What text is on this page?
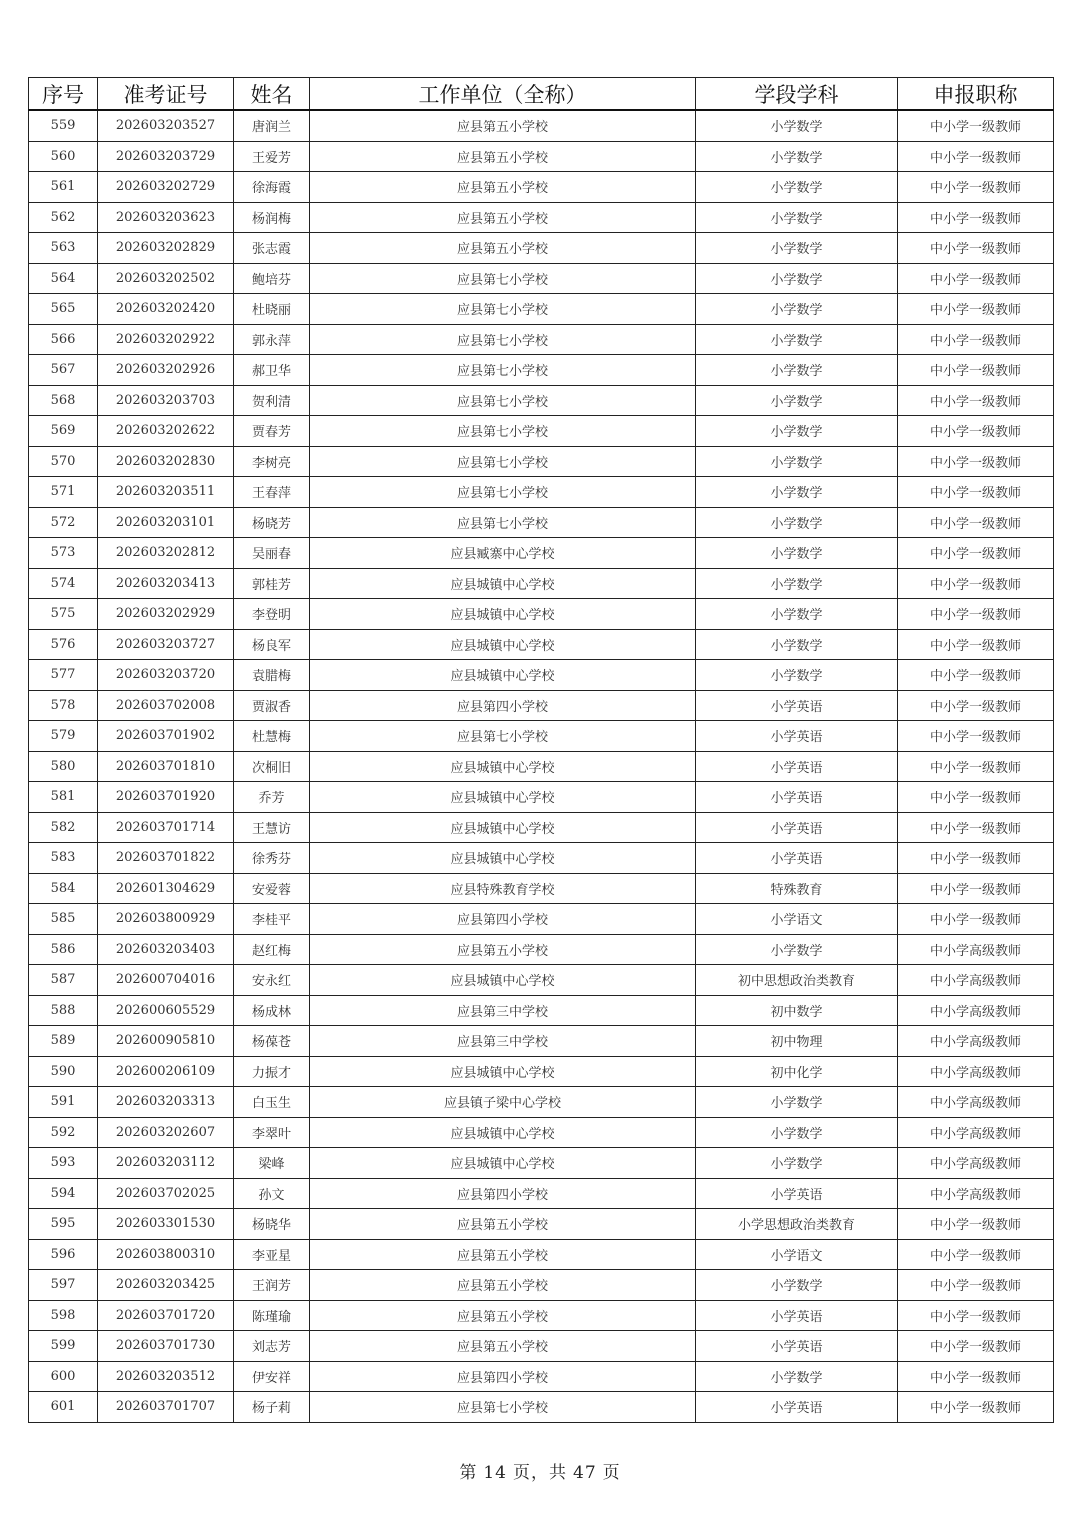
序号	准考证号	姓名	工作单位（全称）	学段学科	申报职称
559	202603203527	唐润兰	应县第五小学校	小学数学	中小学一级教师
560	202603203729	王爱芳	应县第五小学校	小学数学	中小学一级教师
561	202603202729	徐海霞	应县第五小学校	小学数学	中小学一级教师
562	202603203623	杨润梅	应县第五小学校	小学数学	中小学一级教师
563	202603202829	张志霞	应县第五小学校	小学数学	中小学一级教师
564	202603202502	鲍培芬	应县第七小学校	小学数学	中小学一级教师
565	202603202420	杜晓丽	应县第七小学校	小学数学	中小学一级教师
566	202603202922	郭永萍	应县第七小学校	小学数学	中小学一级教师
567	202603202926	郝卫华	应县第七小学校	小学数学	中小学一级教师
568	202603203703	贺利清	应县第七小学校	小学数学	中小学一级教师
569	202603202622	贾春芳	应县第七小学校	小学数学	中小学一级教师
570	202603202830	李树亮	应县第七小学校	小学数学	中小学一级教师
571	202603203511	王春萍	应县第七小学校	小学数学	中小学一级教师
572	202603203101	杨晓芳	应县第七小学校	小学数学	中小学一级教师
573	202603202812	吴丽春	应县臧寨中心学校	小学数学	中小学一级教师
574	202603203413	郭桂芳	应县城镇中心学校	小学数学	中小学一级教师
575	202603202929	李登明	应县城镇中心学校	小学数学	中小学一级教师
576	202603203727	杨良军	应县城镇中心学校	小学数学	中小学一级教师
577	202603203720	袁腊梅	应县城镇中心学校	小学数学	中小学一级教师
578	202603702008	贾淑香	应县第四小学校	小学英语	中小学一级教师
579	202603701902	杜慧梅	应县第七小学校	小学英语	中小学一级教师
580	202603701810	次桐旧	应县城镇中心学校	小学英语	中小学一级教师
581	202603701920	乔芳	应县城镇中心学校	小学英语	中小学一级教师
582	202603701714	王慧访	应县城镇中心学校	小学英语	中小学一级教师
583	202603701822	徐秀芬	应县城镇中心学校	小学英语	中小学一级教师
584	202601304629	安爱蓉	应县特殊教育学校	特殊教育	中小学一级教师
585	202603800929	李桂平	应县第四小学校	小学语文	中小学一级教师
586	202603203403	赵红梅	应县第五小学校	小学数学	中小学高级教师
587	202600704016	安永红	应县城镇中心学校	初中思想政治类教育	中小学高级教师
588	202600605529	杨成林	应县第三中学校	初中数学	中小学高级教师
589	202600905810	杨葆苍	应县第三中学校	初中物理	中小学高级教师
590	202600206109	力振才	应县城镇中心学校	初中化学	中小学高级教师
591	202603203313	白玉生	应县镇子梁中心学校	小学数学	中小学高级教师
592	202603202607	李翠叶	应县城镇中心学校	小学数学	中小学高级教师
593	202603203112	梁峰	应县城镇中心学校	小学数学	中小学高级教师
594	202603702025	孙文	应县第四小学校	小学英语	中小学高级教师
595	202603301530	杨晓华	应县第五小学校	小学思想政治类教育	中小学一级教师
596	202603800310	李亚星	应县第五小学校	小学语文	中小学一级教师
597	202603203425	王润芳	应县第五小学校	小学数学	中小学一级教师
598	202603701720	陈瑾瑜	应县第五小学校	小学英语	中小学一级教师
599	202603701730	刘志芳	应县第五小学校	小学英语	中小学一级教师
600	202603203512	伊安祥	应县第四小学校	小学数学	中小学一级教师
601	202603701707	杨子莉	应县第七小学校	小学英语	中小学一级教师
第 14 页，共 47 页
